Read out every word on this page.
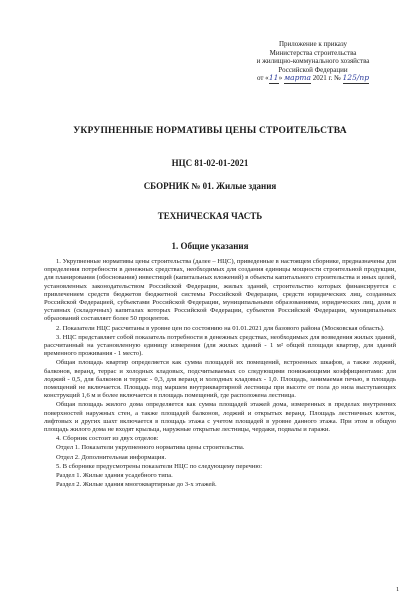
Приложение к приказу
Министерства строительства
и жилищно-коммунального хозяйства
Российской Федерации
от «11» марта 2021 г. № 125/пр
УКРУПНЕННЫЕ НОРМАТИВЫ ЦЕНЫ СТРОИТЕЛЬСТВА
НЦС 81-02-01-2021
СБОРНИК № 01. Жилые здания
ТЕХНИЧЕСКАЯ ЧАСТЬ
1. Общие указания

1. Укрупненные нормативы цены строительства (далее – НЦС), приведенные в настоящем сборнике, предназначены для определения потребности в денежных средствах, необходимых для создания единицы мощности строительной продукции, для планирования (обоснования) инвестиций (капитальных вложений) в объекты капитального строительства и иных целей, установленных законодательством Российской Федерации, жилых зданий, строительство которых финансируется с привлечением средств бюджетов бюджетной системы Российской Федерации, средств юридических лиц, созданных Российской Федерацией, субъектами Российской Федерации, муниципальными образованиями, юридических лиц, доля в уставных (складочных) капиталах которых Российской Федерации, субъектов Российской Федерации, муниципальных образований составляет более 50 процентов.

2. Показатели НЦС рассчитаны в уровне цен по состоянию на 01.01.2021 для базового района (Московская область).

3. НЦС представляет собой показатель потребности в денежных средствах, необходимых для возведения жилых зданий, рассчитанный на установленную единицу измерения (для жилых зданий - 1 м² общей площади квартир, для зданий временного проживания - 1 место).

Общая площадь квартир определяется как сумма площадей их помещений, встроенных шкафов, а также лоджий, балконов, веранд, террас и холодных кладовых, подсчитываемых со следующими понижающими коэффициентами: для лоджий - 0,5, для балконов и террас - 0,3, для веранд и холодных кладовых - 1,0. Площадь, занимаемая печью, в площадь помещений не включается. Площадь под маршем внутриквартирной лестницы при высоте от пола до низа выступающих конструкций 1,6 м и более включается в площадь помещений, где расположена лестница.

Общая площадь жилого дома определяется как сумма площадей этажей дома, измеренных в пределах внутренних поверхностей наружных стен, а также площадей балконов, лоджий и открытых веранд. Площадь лестничных клеток, лифтовых и других шахт включается в площадь этажа с учетом площадей в уровне данного этажа. При этом в общую площадь жилого дома не входят крыльца, наружные открытые лестницы, чердаки, подвалы и гаражи.

4. Сборник состоит из двух отделов:

Отдел 1. Показатели укрупненного норматива цены строительства.

Отдел 2. Дополнительная информация.

5. В сборнике предусмотрены показатели НЦС по следующему перечню:

Раздел 1. Жилые здания усадебного типа.

Раздел 2. Жилые здания многоквартирные до 3-х этажей.

1
